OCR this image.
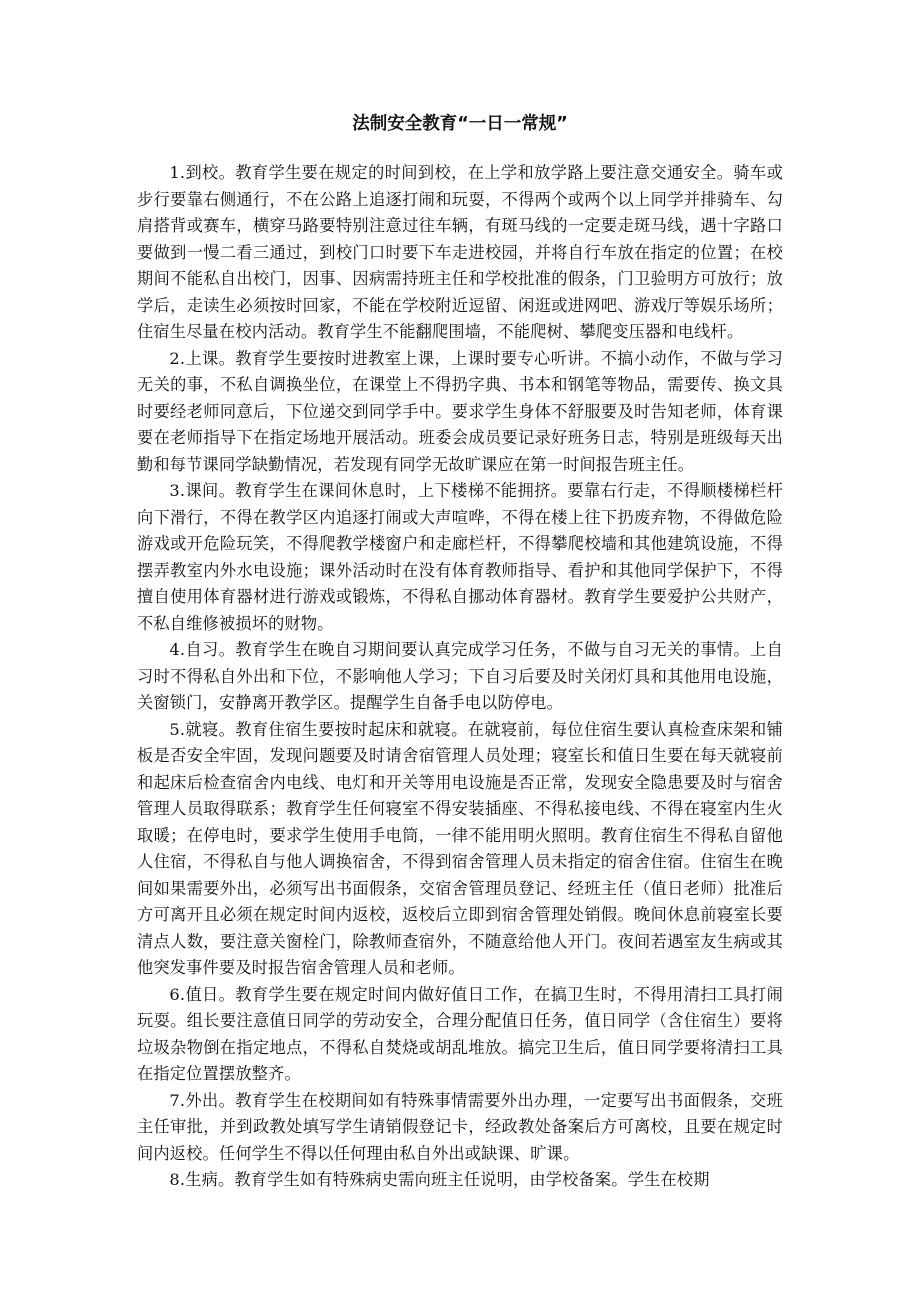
法制安全教育“一日一常规”

1.到校。教育学生要在规定的时间到校，在上学和放学路上要注意交通安全。骑车或步行要靠右侧通行，不在公路上追逐打闹和玩耍，不得两个或两个以上同学并排骑车、勾肩搭背或赛车，横穿马路要特别注意过往车辆，有斑马线的一定要走斑马线，遇十字路口要做到一慢二看三通过，到校门口时要下车走进校园，并将自行车放在指定的位置；在校期间不能私自出校门，因事、因病需持班主任和学校批准的假条，门卫验明方可放行；放学后，走读生必须按时回家，不能在学校附近逗留、闲逛或进网吧、游戏厅等娱乐场所；住宿生尽量在校内活动。教育学生不能翻爬围墙，不能爬树、攀爬变压器和电线杆。

2.上课。教育学生要按时进教室上课，上课时要专心听讲。不搞小动作，不做与学习无关的事，不私自调换坐位，在课堂上不得扔字典、书本和钢笔等物品，需要传、换文具时要经老师同意后，下位递交到同学手中。要求学生身体不舒服要及时告知老师，体育课要在老师指导下在指定场地开展活动。班委会成员要记录好班务日志，特别是班级每天出勤和每节课同学缺勤情况，若发现有同学无故旷课应在第一时间报告班主任。

3.课间。教育学生在课间休息时，上下楼梯不能拥挤。要靠右行走，不得顺楼梯栏杆向下滑行，不得在教学区内追逐打闹或大声喧哗，不得在楼上往下扔废弃物，不得做危险游戏或开危险玩笑，不得爬教学楼窗户和走廊栏杆，不得攀爬校墙和其他建筑设施，不得摆弄教室内外水电设施；课外活动时在没有体育教师指导、看护和其他同学保护下，不得擅自使用体育器材进行游戏或锻炼，不得私自挪动体育器材。教育学生要爱护公共财产，不私自维修被损坏的财物。

4.自习。教育学生在晚自习期间要认真完成学习任务，不做与自习无关的事情。上自习时不得私自外出和下位，不影响他人学习；下自习后要及时关闭灯具和其他用电设施，关窗锁门，安静离开教学区。提醒学生自备手电以防停电。

5.就寝。教育住宿生要按时起床和就寝。在就寝前，每位住宿生要认真检查床架和铺板是否安全牢固，发现问题要及时请舍宿管理人员处理；寝室长和值日生要在每天就寝前和起床后检查宿舍内电线、电灯和开关等用电设施是否正常，发现安全隐患要及时与宿舍管理人员取得联系；教育学生任何寝室不得安装插座、不得私接电线、不得在寝室内生火取暖；在停电时，要求学生使用手电筒，一律不能用明火照明。教育住宿生不得私自留他人住宿，不得私自与他人调换宿舍，不得到宿舍管理人员未指定的宿舍住宿。住宿生在晚间如果需要外出，必须写出书面假条，交宿舍管理员登记、经班主任（值日老师）批准后方可离开且必须在规定时间内返校，返校后立即到宿舍管理处销假。晚间休息前寝室长要清点人数，要注意关窗栓门，除教师查宿外，不随意给他人开门。夜间若遇室友生病或其他突发事件要及时报告宿舍管理人员和老师。

6.值日。教育学生要在规定时间内做好值日工作，在搞卫生时，不得用清扫工具打闹玩耍。组长要注意值日同学的劳动安全，合理分配值日任务，值日同学（含住宿生）要将垃圾杂物倒在指定地点，不得私自焚烧或胡乱堆放。搞完卫生后，值日同学要将清扫工具在指定位置摆放整齐。

7.外出。教育学生在校期间如有特殊事情需要外出办理，一定要写出书面假条，交班主任审批，并到政教处填写学生请销假登记卡，经政教处备案后方可离校，且要在规定时间内返校。任何学生不得以任何理由私自外出或缺课、旷课。

8.生病。教育学生如有特殊病史需向班主任说明，由学校备案。学生在校期
